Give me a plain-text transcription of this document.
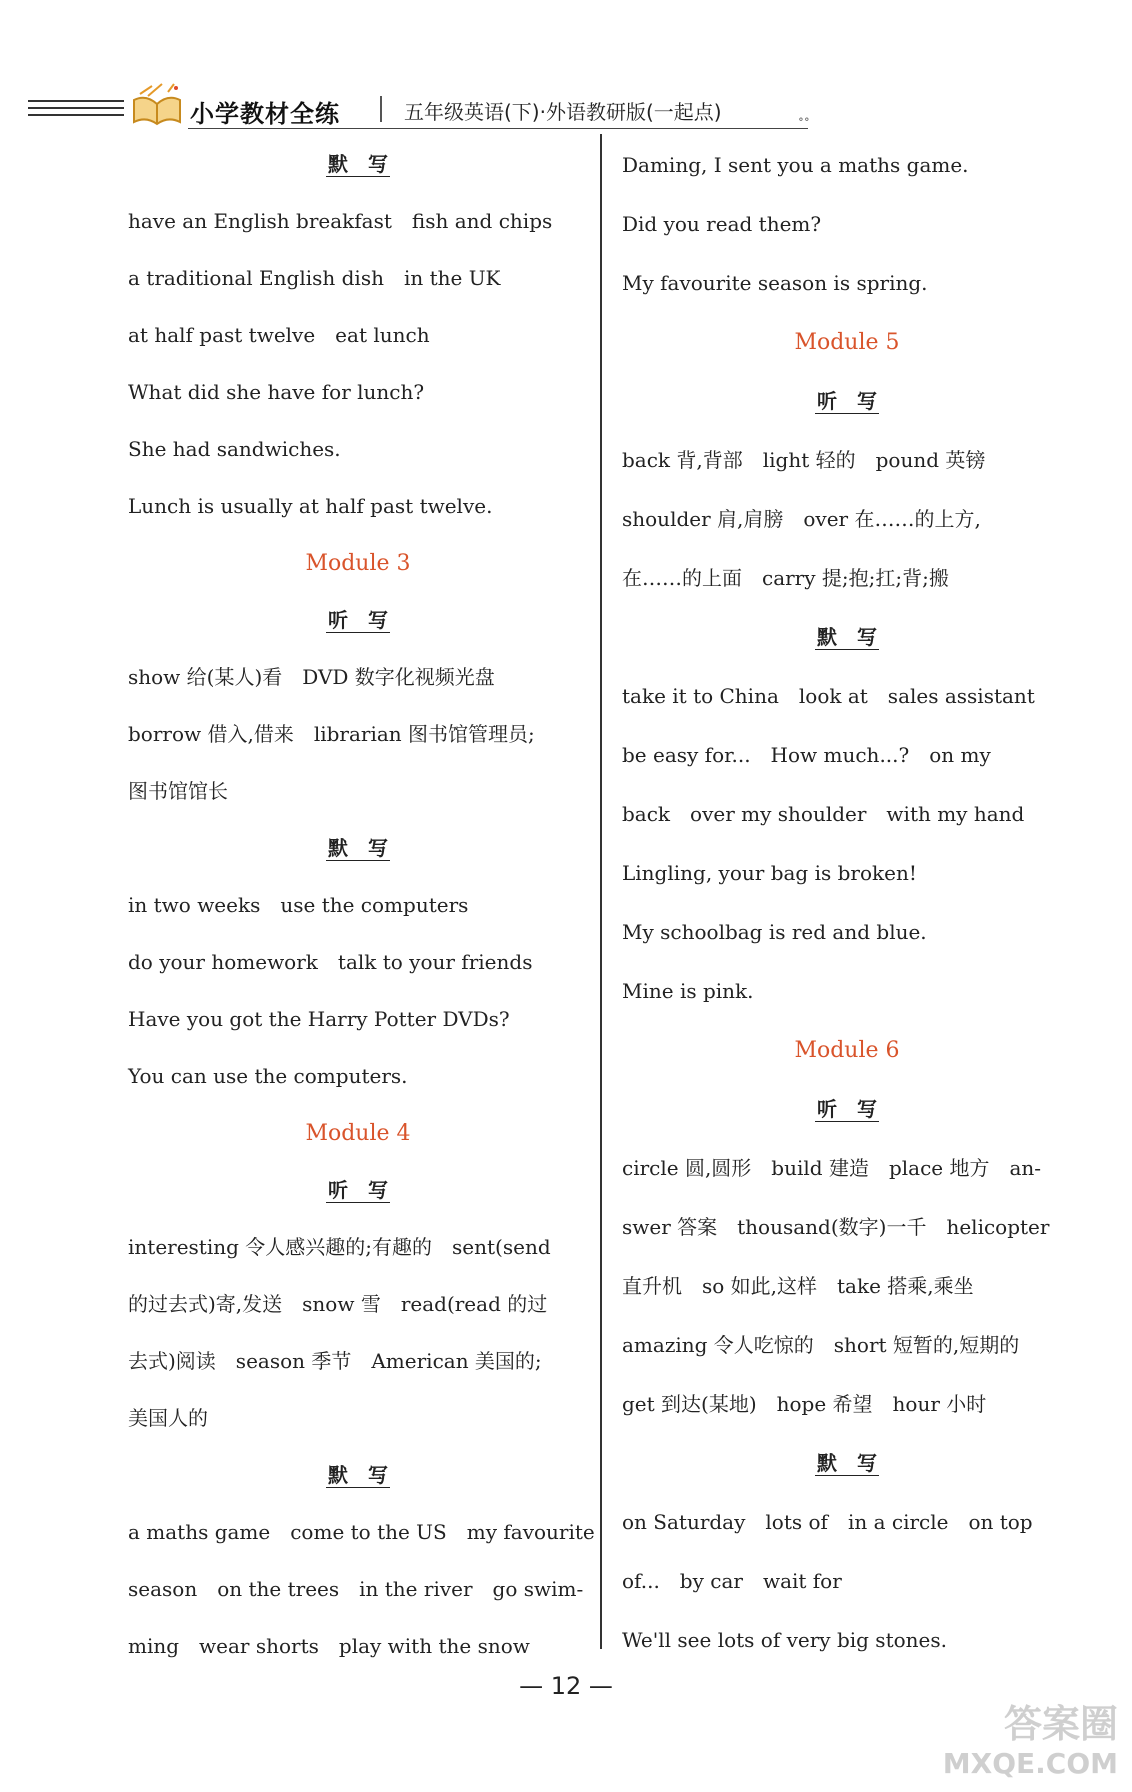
小学教材全练	五年级英语(下)·外语教研版(一起点)	∘∘
默　写
have an English breakfast　fish and chips
a traditional English dish　in the UK
at half past twelve　eat lunch
What did she have for lunch?
She had sandwiches.
Lunch is usually at half past twelve.
Module 3
听　写
show 给(某人)看　DVD 数字化视频光盘
borrow 借入,借来　librarian 图书馆管理员;
图书馆馆长
默　写
in two weeks　use the computers
do your homework　talk to your friends
Have you got the Harry Potter DVDs?
You can use the computers.
Module 4
听　写
interesting 令人感兴趣的;有趣的　sent(send
的过去式)寄,发送　snow 雪　read(read 的过
去式)阅读　season 季节　American 美国的;
美国人的
默　写
a maths game　come to the US　my favourite
season　on the trees　in the river　go swim-
ming　wear shorts　play with the snow
Daming, I sent you a maths game.
Did you read them?
My favourite season is spring.
Module 5
听　写
back 背,背部　light 轻的　pound 英镑
shoulder 肩,肩膀　over 在……的上方,
在……的上面　carry 提;抱;扛;背;搬
默　写
take it to China　look at　sales assistant
be easy for...　How much...?　on my
back　over my shoulder　with my hand
Lingling, your bag is broken!
My schoolbag is red and blue.
Mine is pink.
Module 6
听　写
circle 圆,圆形　build 建造　place 地方　an-
swer 答案　thousand(数字)一千　helicopter
直升机　so 如此,这样　take 搭乘,乘坐
amazing 令人吃惊的　short 短暂的,短期的
get 到达(某地)　hope 希望　hour 小时
默　写
on Saturday　lots of　in a circle　on top
of...　by car　wait for
We'll see lots of very big stones.
— 12 —
答案圈
MXQE.COM
